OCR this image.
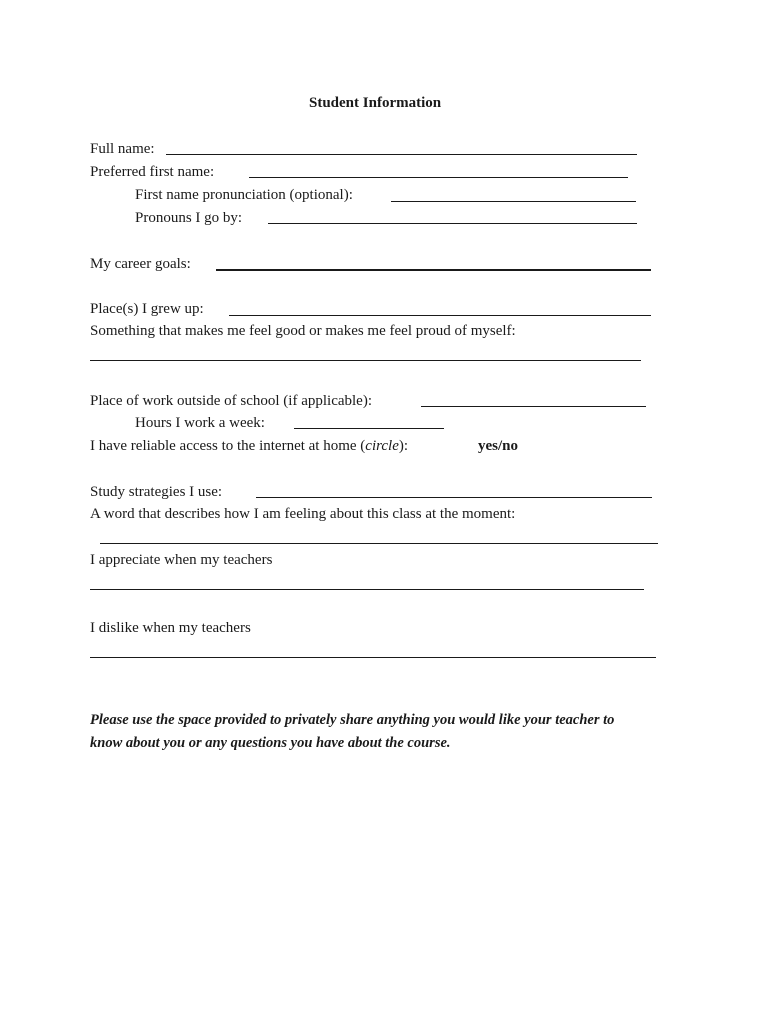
Student Information
Full name:
Preferred first name:
First name pronunciation (optional):
Pronouns I go by:
My career goals:
Place(s) I grew up:
Something that makes me feel good or makes me feel proud of myself:
Place of work outside of school (if applicable):
Hours I work a week:
I have reliable access to the internet at home (circle):	yes/no
Study strategies I use:
A word that describes how I am feeling about this class at the moment:
I appreciate when my teachers
I dislike when my teachers
Please use the space provided to privately share anything you would like your teacher to know about you or any questions you have about the course.
